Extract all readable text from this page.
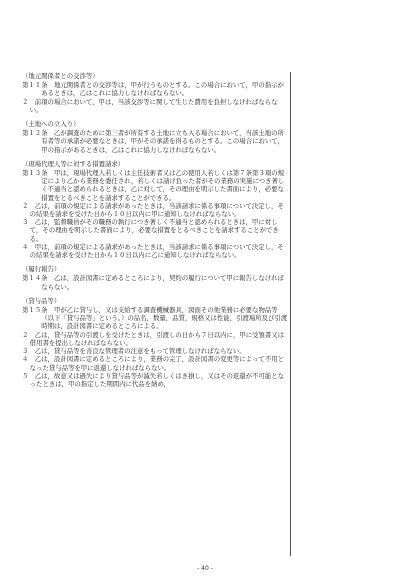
（地元関係者との交渉等）
第１１条　地元関係者との交渉等は，甲が行うものとする。この場合において，甲の指示があるときは，乙はこれに協力しなければならない。
２　前項の場合において，甲は，当該交渉等に関して生じた費用を負担しなければならない。
（土地への立入り）
第１２条　乙が調査のために第三者が所有する土地に立ち入る場合において，当該土地の所有者等の承諾が必要なときは，甲がその承諾を得るものとする。この場合において，甲の指示があるときは，乙はこれに協力しなければならない。
（現場代理人等に対する措置請求）
第１３条　甲は，現場代理人若しくは主任技術者又は乙の使用人若しくは第７条第３項の規定により乙から業務を委任され，若しくは請け負った者がその業務の実施につき著しく不適当と認められるときは，乙に対して，その理由を明示した書面により，必要な措置をとるべきことを請求することができる。
２　乙は，前項の規定による請求があったときは，当該請求に係る事項について決定し，その結果を請求を受けた日から１０日以内に甲に通知しなければならない。
３　乙は，監督職員がその職務の執行につき著しく不適当と認められるときは，甲に対して，その理由を明示した書面により，必要な措置をとるべきことを請求することができる。
４　甲は，前項の規定による請求があったときは，当該請求に係る事項について決定し，その結果を請求を受けた日から１０日以内に乙に通知しなければならない。
（履行報告）
第１４条　乙は，設計図書に定めるところにより，契約の履行について甲に報告しなければならない。
（貸与品等）
第１５条　甲が乙に貸与し，又は支給する調査機械器具，図面その他業務に必要な物品等（以下「貸与品等」という。）の品名，数量，品質，規格又は性能，引渡場所及び引渡時期は，設計図書に定めるところによる。
２　乙は，貸与品等の引渡しを受けたときは，引渡しの日から７日以内に，甲に受領書又は借用書を提出しなければならない。
３　乙は，貸与品等を善良な管理者の注意をもって管理しなければならない。
４　乙は，設計図書に定めるところにより，業務の完了，設計図書の変更等によって不用となった貸与品等を甲に返還しなければならない。
５　乙は，故意又は過失により貸与品等が滅失若しくはき損し，又はその返還が不可能となったときは，甲の指定した期間内に代品を納め，
- 40 -
